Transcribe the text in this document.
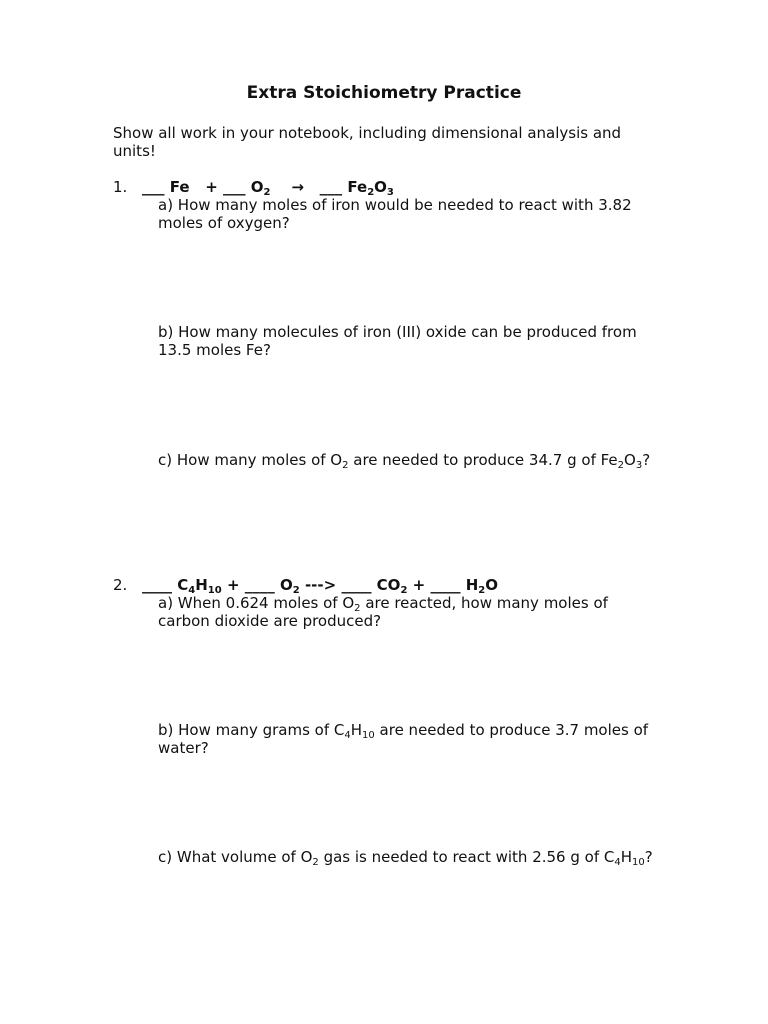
Extra Stoichiometry Practice
Show all work in your notebook, including dimensional analysis and units!
1. ___ Fe + ___ $O_2$ → ___ $Fe_2O_3$
a) How many moles of iron would be needed to react with 3.82 moles of oxygen?
b) How many molecules of iron (III) oxide can be produced from 13.5 moles Fe?
c) How many moles of $O_2$ are needed to produce 34.7 g of $Fe_2O_3$?
2. ____ $C_4H_{10}$ + ____ $O_2$ ---> ____ $CO_2$ + ____ $H_2O$
a) When 0.624 moles of $O_2$ are reacted, how many moles of carbon dioxide are produced?
b) How many grams of $C_4H_{10}$ are needed to produce 3.7 moles of water?
c) What volume of $O_2$ gas is needed to react with 2.56 g of $C_4H_{10}$?
